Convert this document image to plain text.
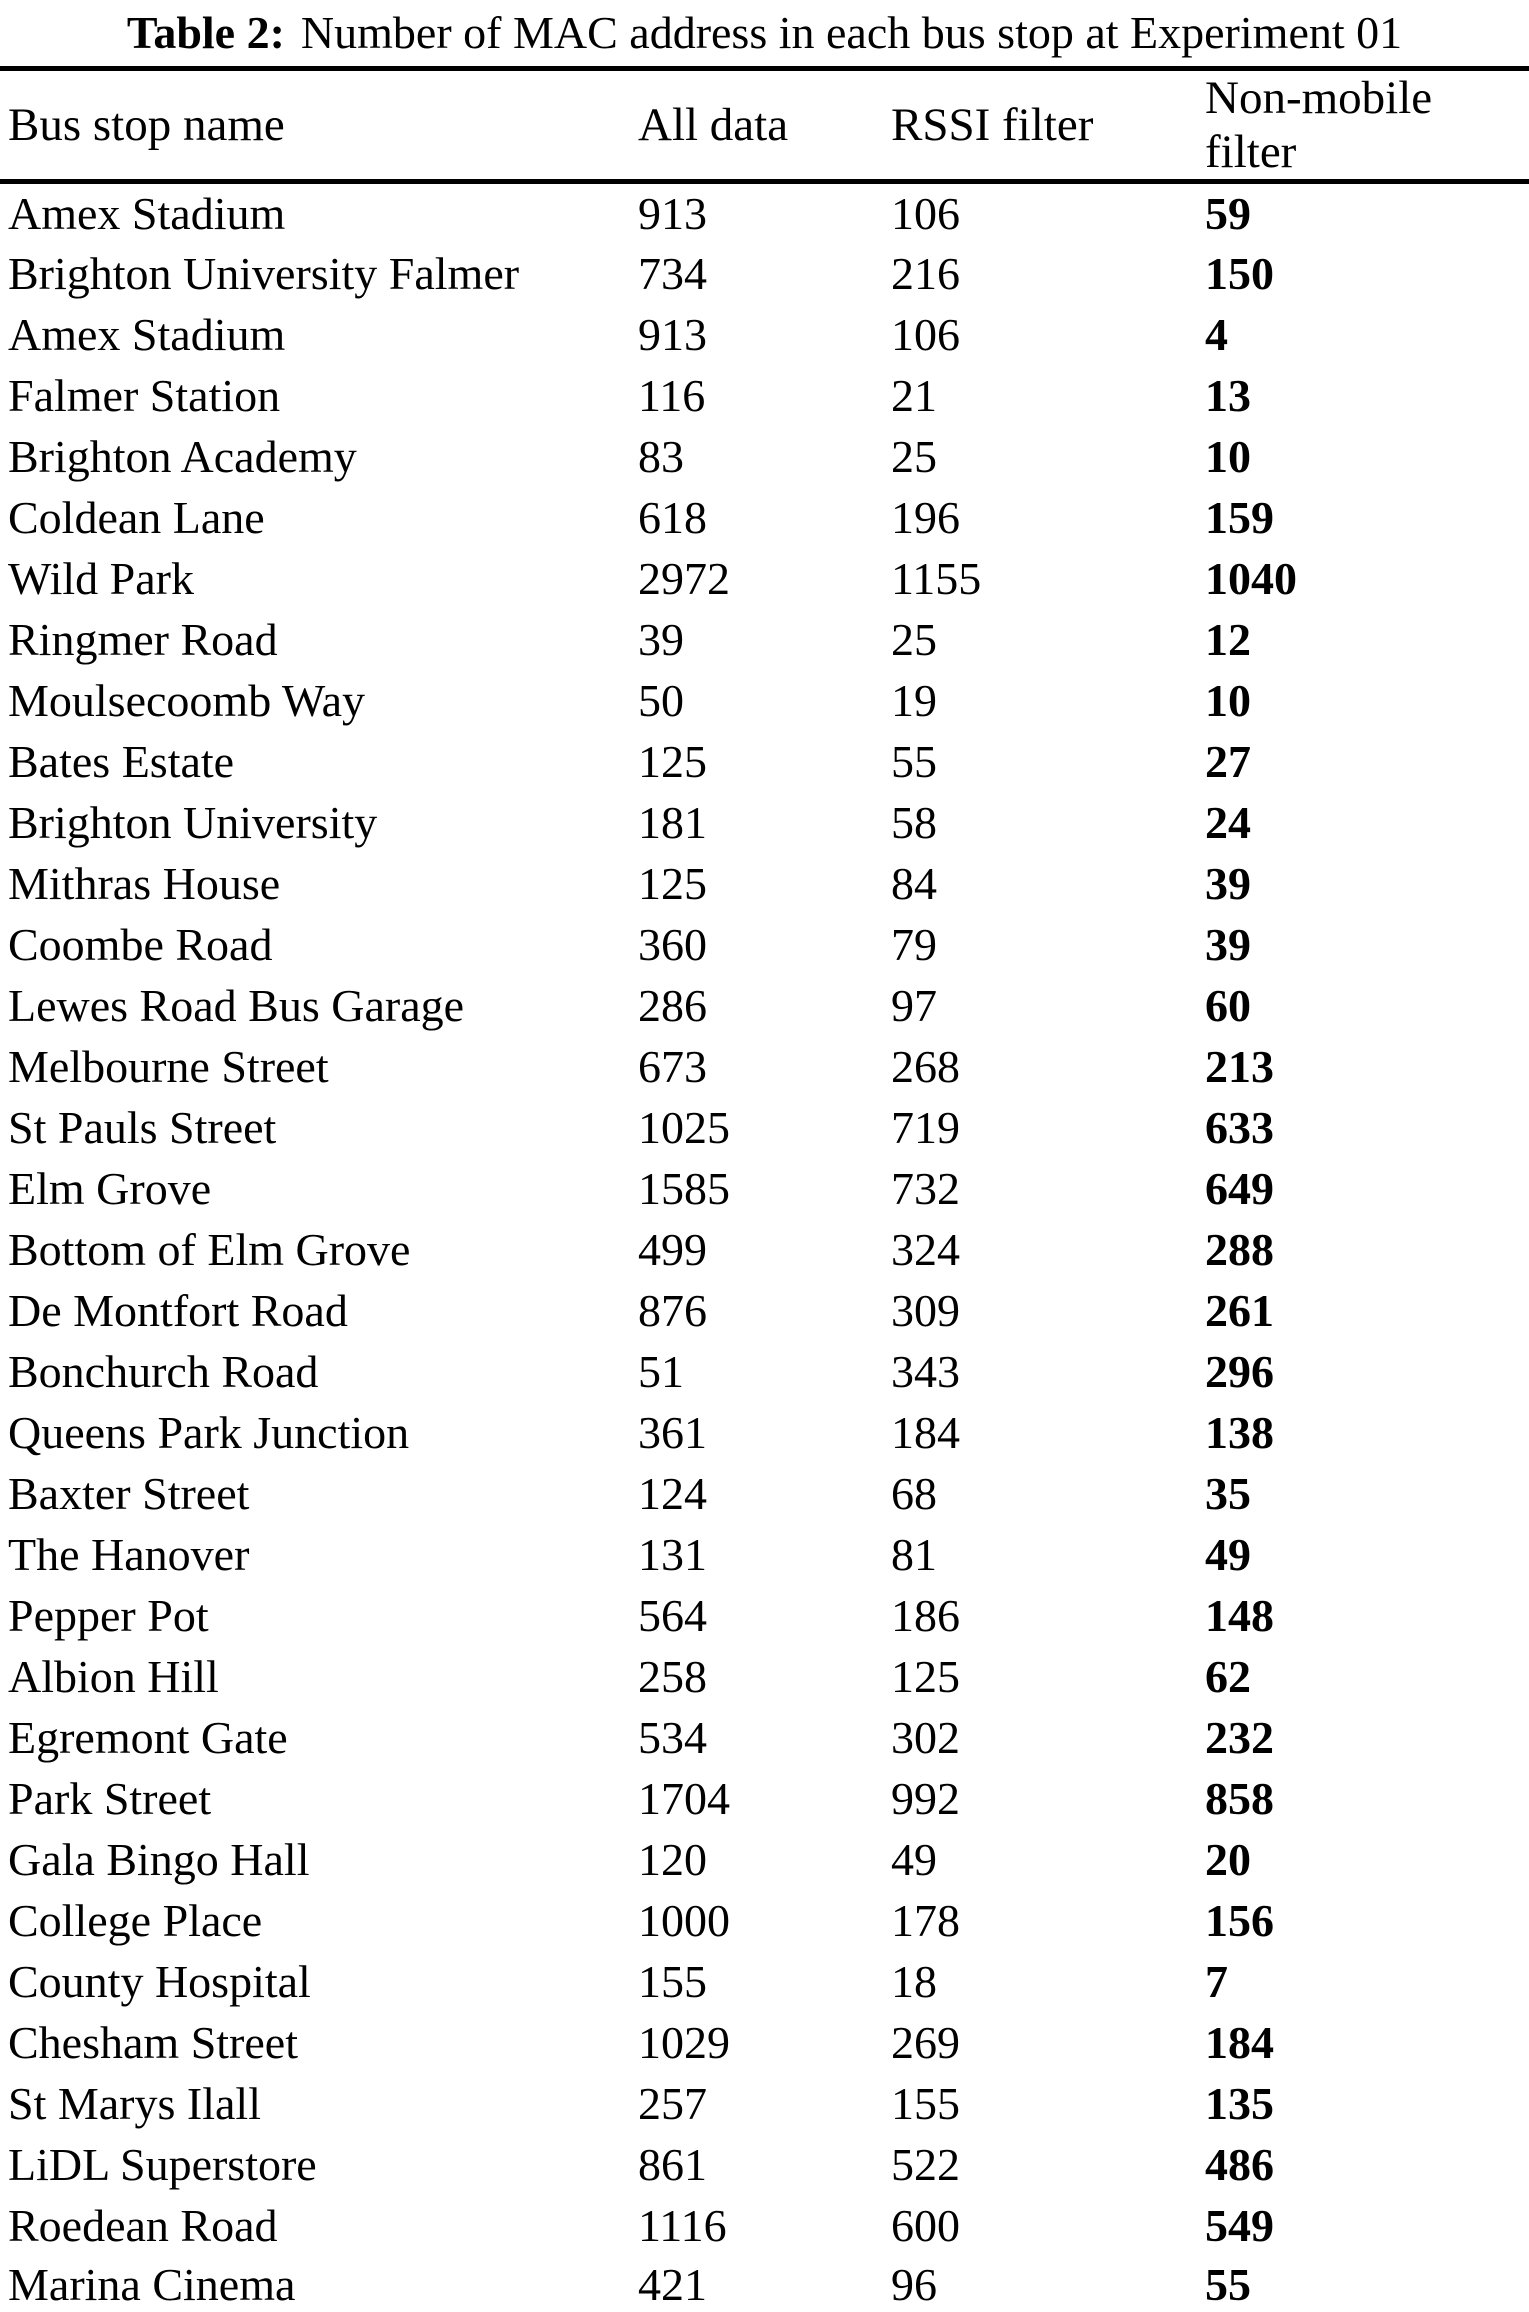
Table 2: Number of MAC address in each bus stop at Experiment 01
Bus stop name	All data	RSSI filter	Non-mobile filter
Amex Stadium	913	106	59
Brighton University Falmer	734	216	150
Amex Stadium	913	106	4
Falmer Station	116	21	13
Brighton Academy	83	25	10
Coldean Lane	618	196	159
Wild Park	2972	1155	1040
Ringmer Road	39	25	12
Moulsecoomb Way	50	19	10
Bates Estate	125	55	27
Brighton University	181	58	24
Mithras House	125	84	39
Coombe Road	360	79	39
Lewes Road Bus Garage	286	97	60
Melbourne Street	673	268	213
St Pauls Street	1025	719	633
Elm Grove	1585	732	649
Bottom of Elm Grove	499	324	288
De Montfort Road	876	309	261
Bonchurch Road	51	343	296
Queens Park Junction	361	184	138
Baxter Street	124	68	35
The Hanover	131	81	49
Pepper Pot	564	186	148
Albion Hill	258	125	62
Egremont Gate	534	302	232
Park Street	1704	992	858
Gala Bingo Hall	120	49	20
College Place	1000	178	156
County Hospital	155	18	7
Chesham Street	1029	269	184
St Marys Ilall	257	155	135
LiDL Superstore	861	522	486
Roedean Road	1116	600	549
Marina Cinema	421	96	55
